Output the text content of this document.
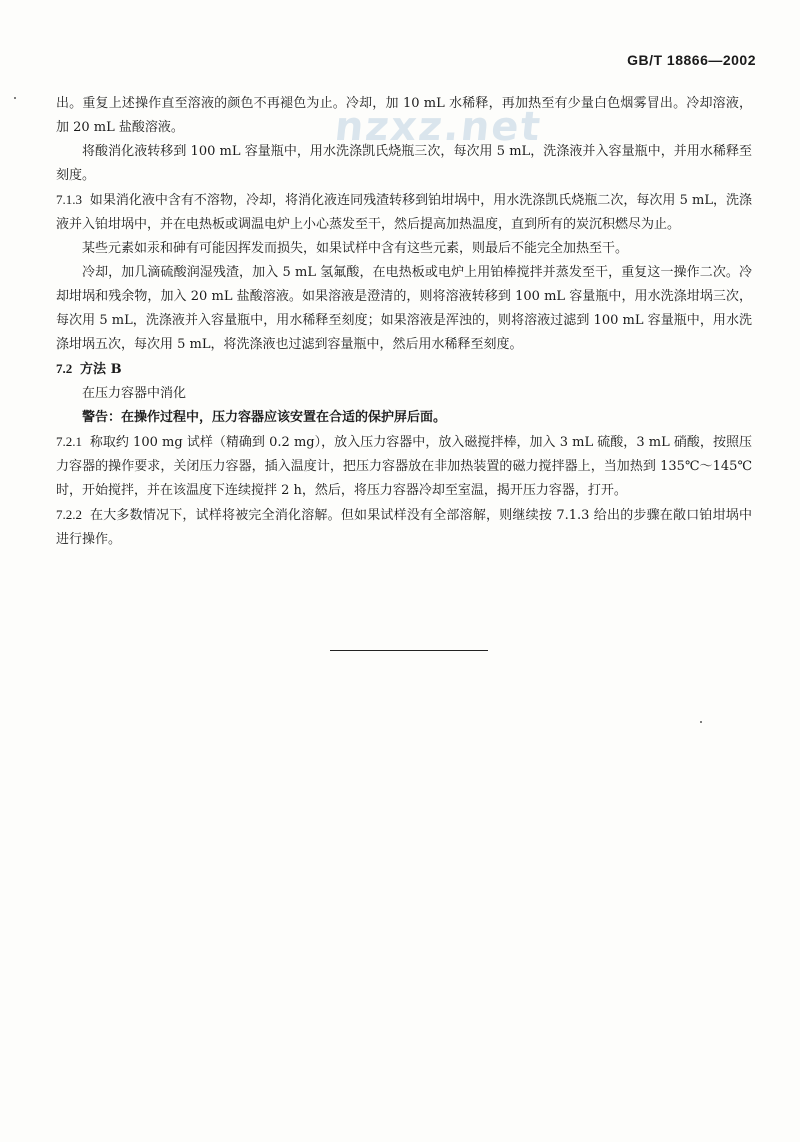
GB/T 18866—2002
nzxz.net

出。重复上述操作直至溶液的颜色不再褪色为止。冷却，加 10 mL 水稀释，再加热至有少量白色烟雾冒出。冷却溶液，加 20 mL 盐酸溶液。

将酸消化液转移到 100 mL 容量瓶中，用水洗涤凯氏烧瓶三次，每次用 5 mL，洗涤液并入容量瓶中，并用水稀释至刻度。

7.1.3 如果消化液中含有不溶物，冷却，将消化液连同残渣转移到铂坩埚中，用水洗涤凯氏烧瓶二次，每次用 5 mL，洗涤液并入铂坩埚中，并在电热板或调温电炉上小心蒸发至干，然后提高加热温度，直到所有的炭沉积燃尽为止。

某些元素如汞和砷有可能因挥发而损失，如果试样中含有这些元素，则最后不能完全加热至干。

冷却，加几滴硫酸润湿残渣，加入 5 mL 氢氟酸，在电热板或电炉上用铂棒搅拌并蒸发至干，重复这一操作二次。冷却坩埚和残余物，加入 20 mL 盐酸溶液。如果溶液是澄清的，则将溶液转移到 100 mL 容量瓶中，用水洗涤坩埚三次，每次用 5 mL，洗涤液并入容量瓶中，用水稀释至刻度；如果溶液是浑浊的，则将溶液过滤到 100 mL 容量瓶中，用水洗涤坩埚五次，每次用 5 mL，将洗涤液也过滤到容量瓶中，然后用水稀释至刻度。

7.2 方法 B

在压力容器中消化

警告：在操作过程中，压力容器应该安置在合适的保护屏后面。

7.2.1 称取约 100 mg 试样（精确到 0.2 mg），放入压力容器中，放入磁搅拌棒，加入 3 mL 硫酸，3 mL 硝酸，按照压力容器的操作要求，关闭压力容器，插入温度计，把压力容器放在非加热装置的磁力搅拌器上，当加热到 135℃～145℃时，开始搅拌，并在该温度下连续搅拌 2 h，然后，将压力容器冷却至室温，揭开压力容器，打开。

7.2.2 在大多数情况下，试样将被完全消化溶解。但如果试样没有全部溶解，则继续按 7.1.3 给出的步骤在敞口铂坩埚中进行操作。
